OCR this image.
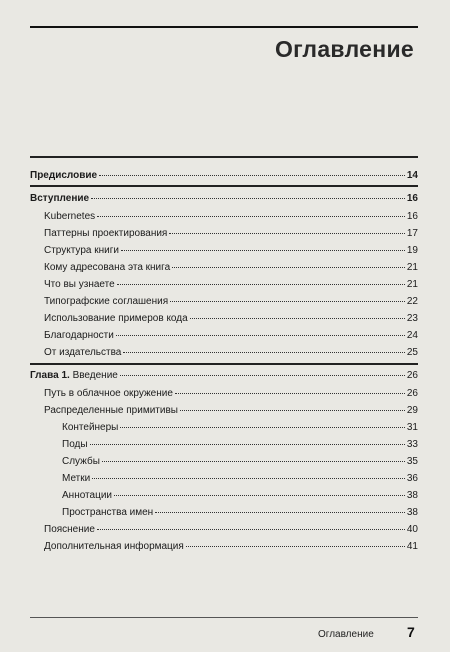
Оглавление
Предисловие	14
Вступление	16
Kubernetes	16
Паттерны проектирования	17
Структура книги	19
Кому адресована эта книга	21
Что вы узнаете	21
Типографские соглашения	22
Использование примеров кода	23
Благодарности	24
От издательства	25
Глава 1. Введение	26
Путь в облачное окружение	26
Распределенные примитивы	29
Контейнеры	31
Поды	33
Службы	35
Метки	36
Аннотации	38
Пространства имен	38
Пояснение	40
Дополнительная информация	41
Оглавление 7
